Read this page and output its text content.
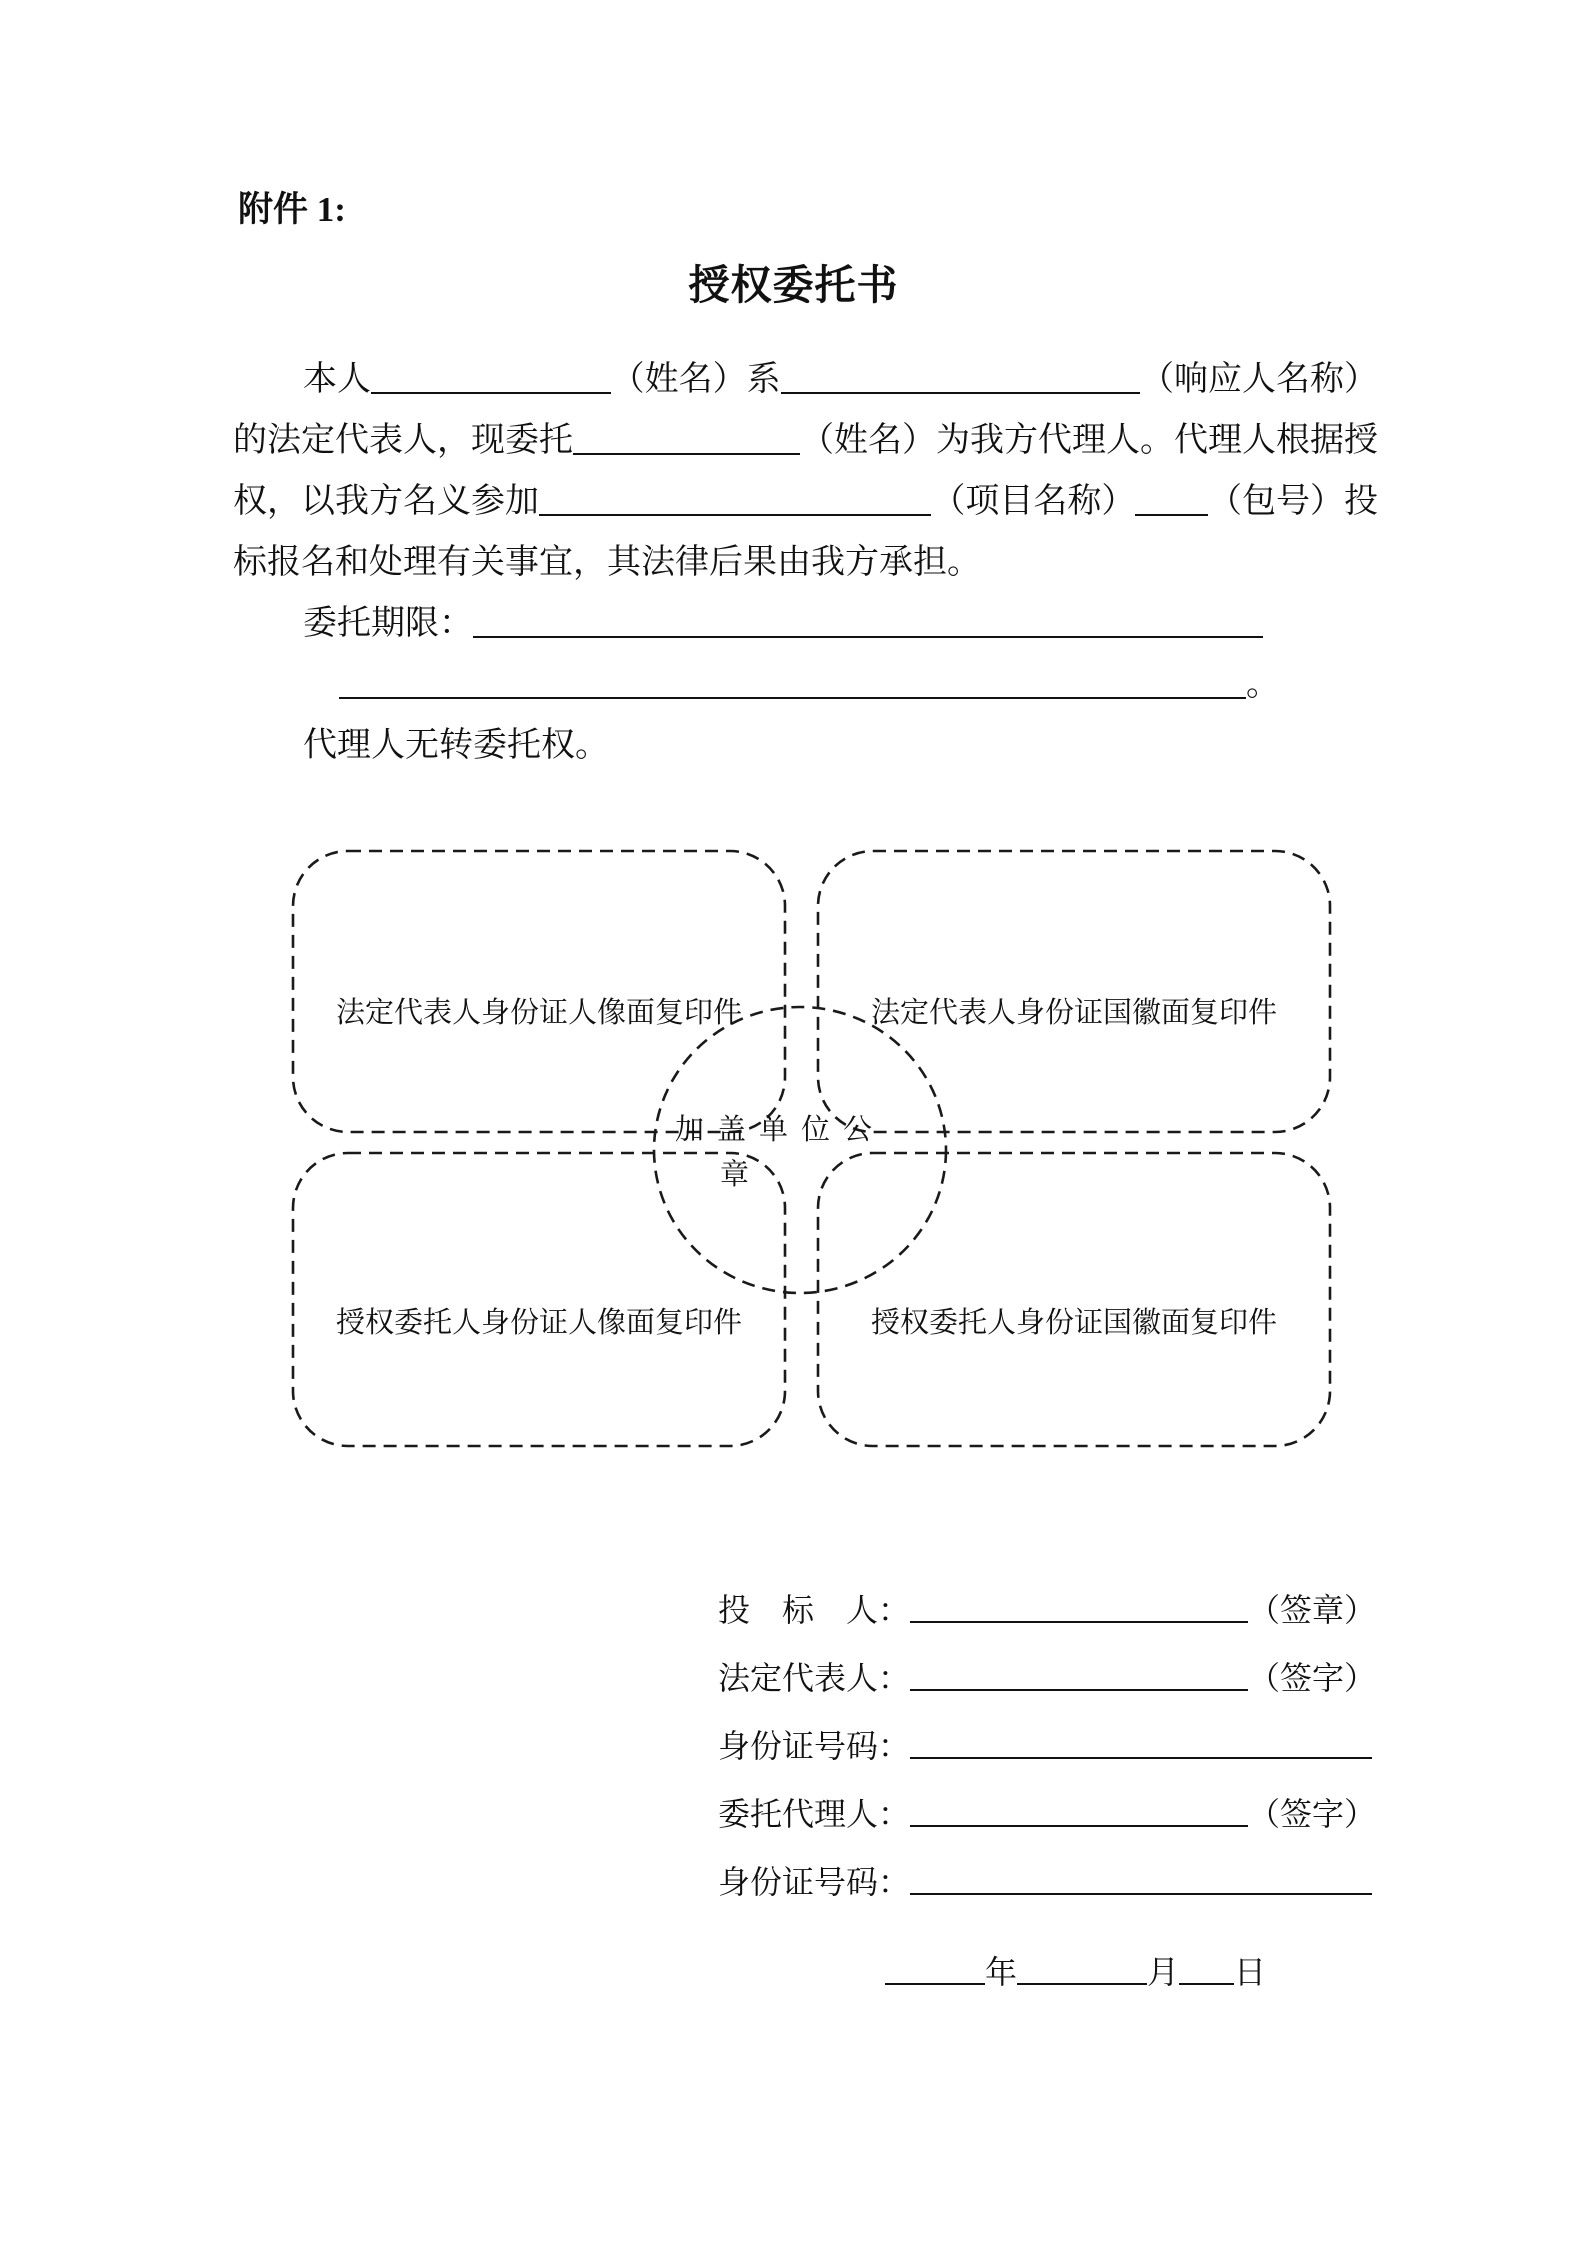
附件 1:
授权委托书
本人	（姓名）系	（响应人名称）
的法定代表人，现委托	（姓名）为我方代理人。代理人根据授
权，以我方名义参加	（项目名称） （包号）投
标报名和处理有关事宜，其法律后果由我方承担。
委托期限：
。
代理人无转委托权。
法定代表人身份证人像面复印件	法定代表人身份证国徽面复印件
授权委托人身份证人像面复印件	授权委托人身份证国徽面复印件
加盖单位公
章
投　标　人：	（签章）
法定代表人：	（签字）
身份证号码：
委托代理人：	（签字）
身份证号码：
年	月 日
